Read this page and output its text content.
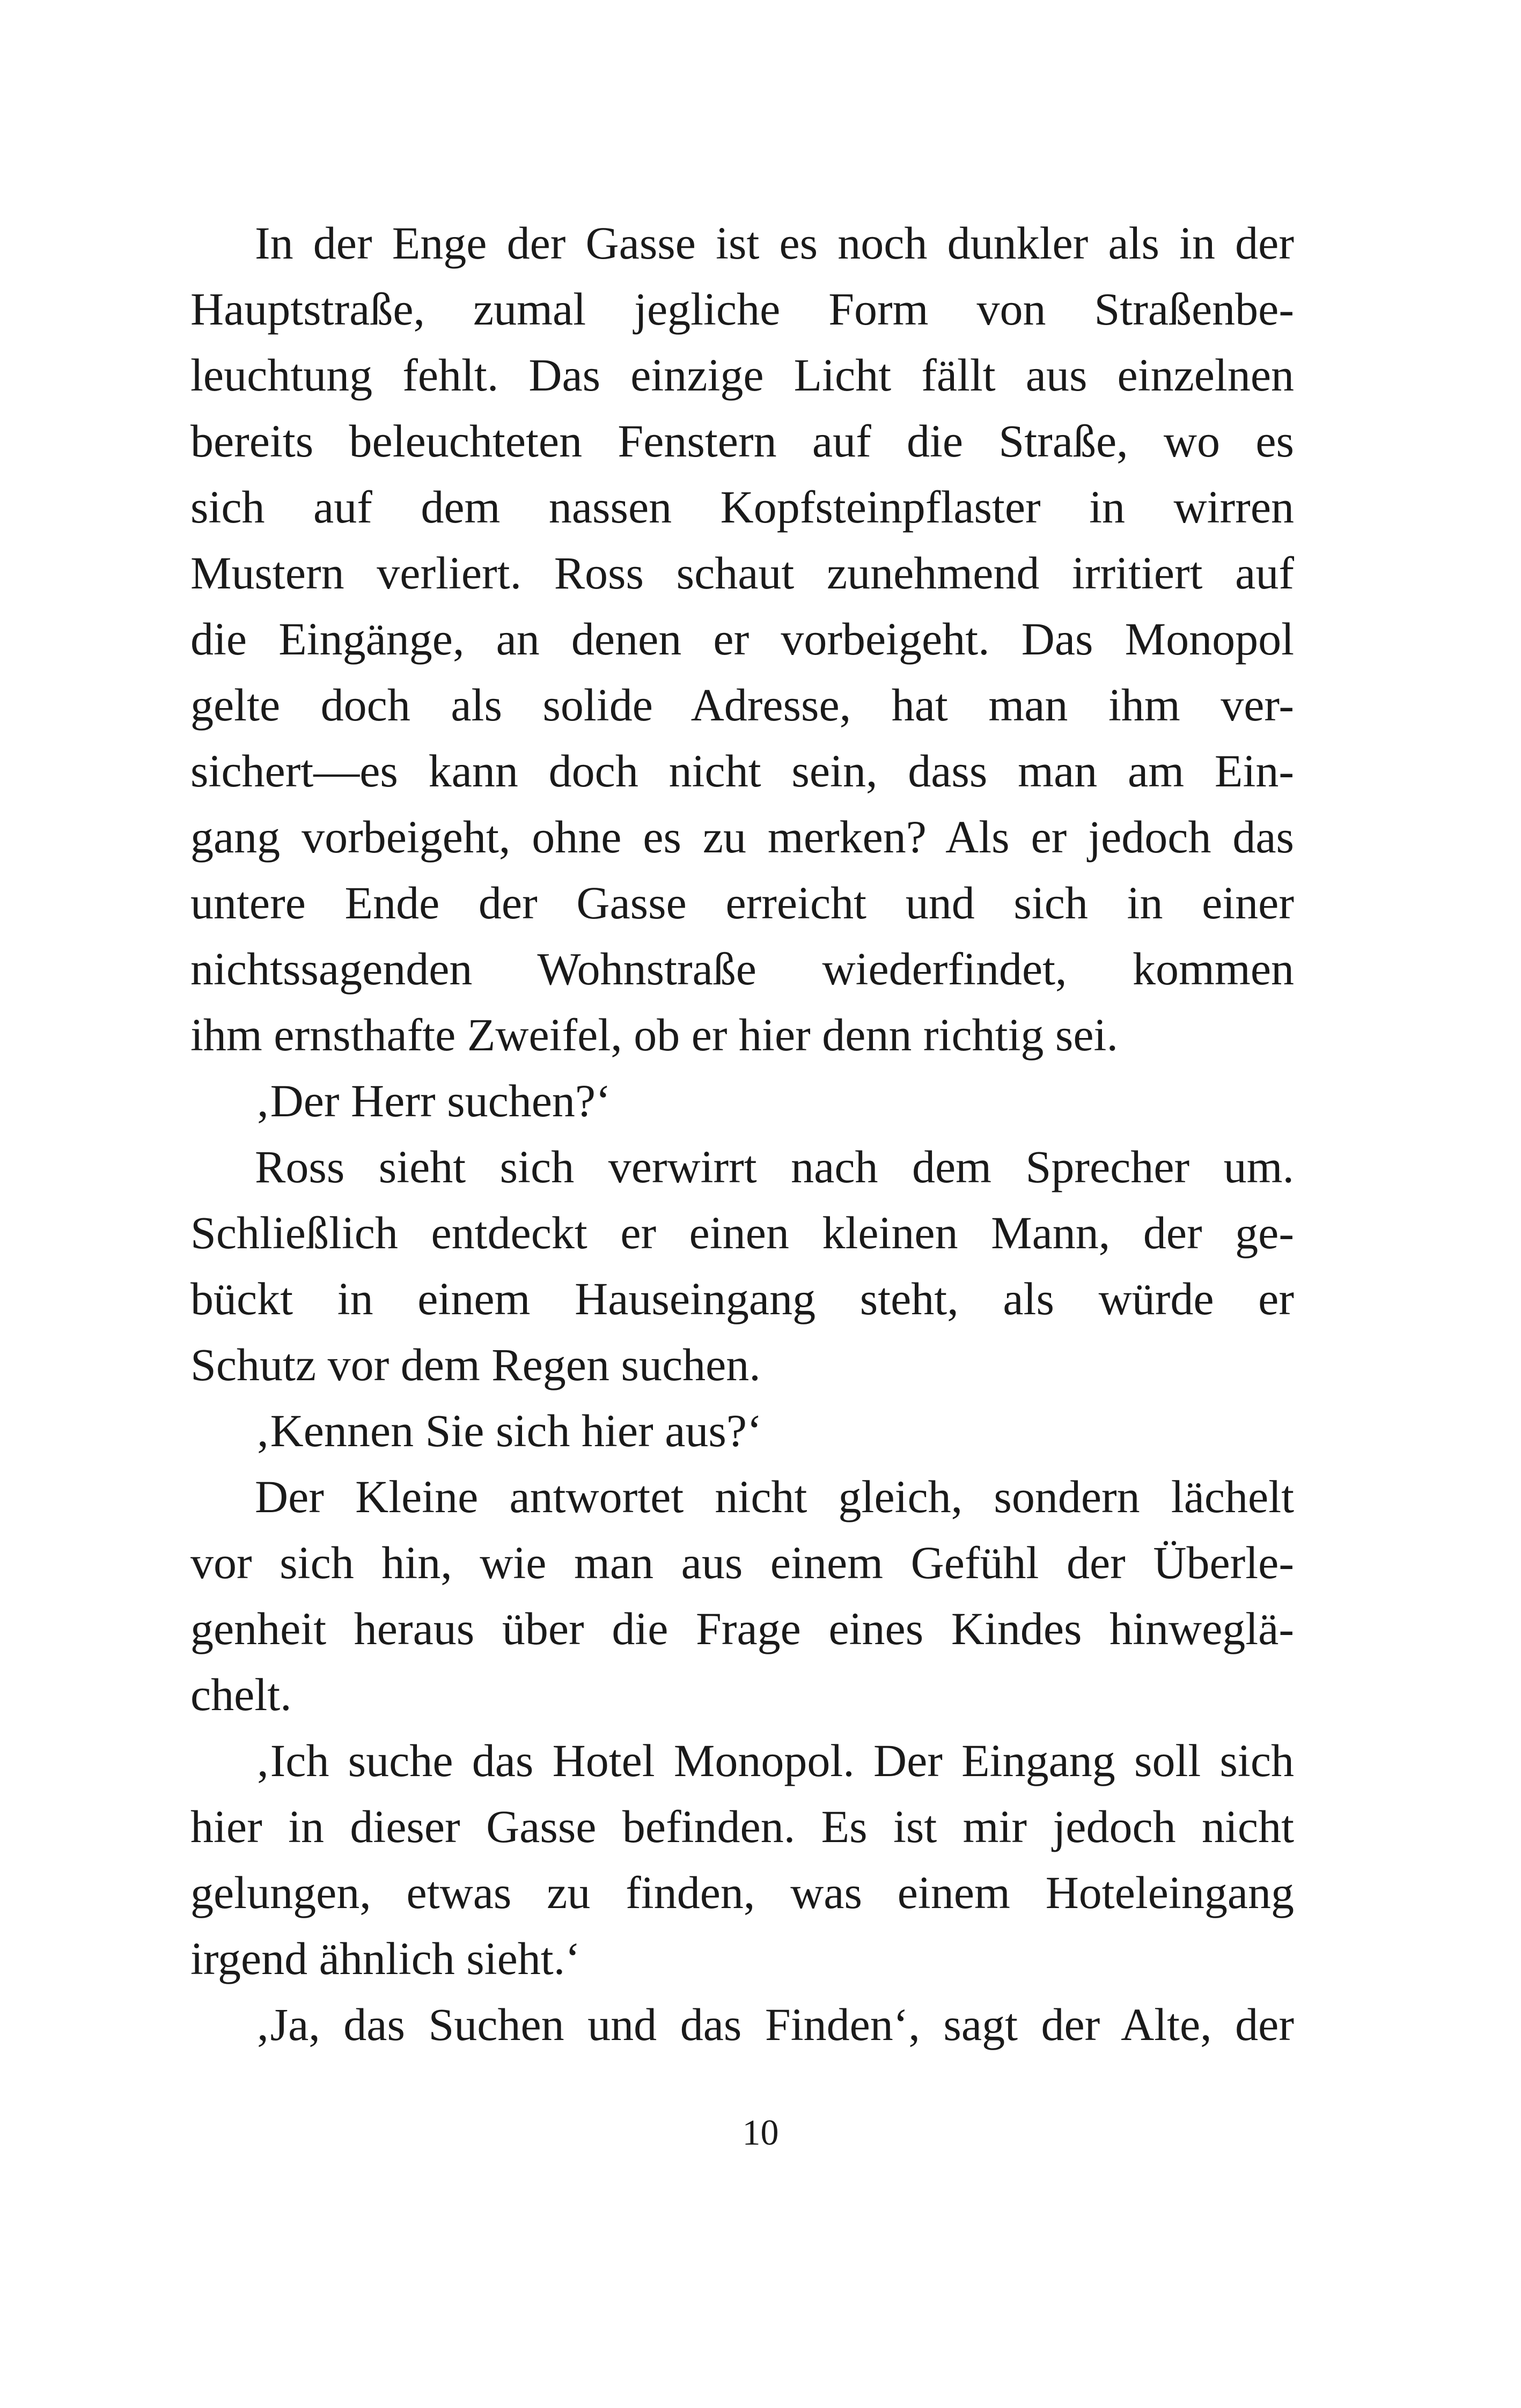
In der Enge der Gasse ist es noch dunkler als in der
Hauptstraße, zumal jegliche Form von Straßenbe-
leuchtung fehlt. Das einzige Licht fällt aus einzelnen
bereits beleuchteten Fenstern auf die Straße, wo es
sich auf dem nassen Kopfsteinpflaster in wirren
Mustern verliert. Ross schaut zunehmend irritiert auf
die Eingänge, an denen er vorbeigeht. Das Monopol
gelte doch als solide Adresse, hat man ihm ver-
sichert—es kann doch nicht sein, dass man am Ein-
gang vorbeigeht, ohne es zu merken? Als er jedoch das
untere Ende der Gasse erreicht und sich in einer
nichtssagenden Wohnstraße wiederfindet, kommen
ihm ernsthafte Zweifel, ob er hier denn richtig sei.
‚Der Herr suchen?‘
Ross sieht sich verwirrt nach dem Sprecher um.
Schließlich entdeckt er einen kleinen Mann, der ge-
bückt in einem Hauseingang steht, als würde er
Schutz vor dem Regen suchen.
‚Kennen Sie sich hier aus?‘
Der Kleine antwortet nicht gleich, sondern lächelt
vor sich hin, wie man aus einem Gefühl der Überle-
genheit heraus über die Frage eines Kindes hinweglä-
chelt.
‚Ich suche das Hotel Monopol. Der Eingang soll sich
hier in dieser Gasse befinden. Es ist mir jedoch nicht
gelungen, etwas zu finden, was einem Hoteleingang
irgend ähnlich sieht.‘
‚Ja, das Suchen und das Finden‘, sagt der Alte, der
10
